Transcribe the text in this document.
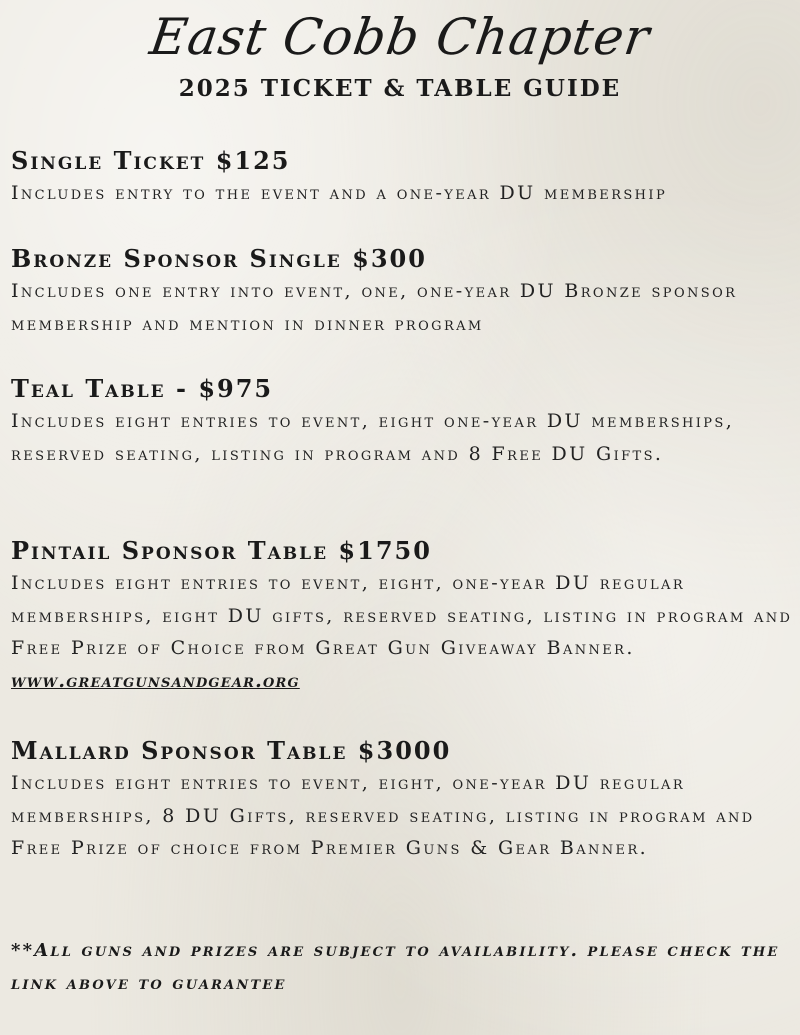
East Cobb Chapter
2025 TICKET & TABLE GUIDE
Single Ticket $125

Includes entry to the event and a one-year DU membership

Bronze Sponsor Single $300

Includes one entry into event, one, one-year DU Bronze sponsor membership and mention in dinner program

Teal Table - $975

Includes eight entries to event, eight one-year DU memberships, reserved seating, listing in program and 8 Free DU Gifts.

Pintail Sponsor Table $1750

Includes eight entries to event, eight, one-year DU regular memberships, eight DU gifts, reserved seating, listing in program and Free Prize of Choice from Great Gun Giveaway Banner. www.greatgunsandgear.org

Mallard Sponsor Table $3000

Includes eight entries to event, eight, one-year DU regular memberships, 8 DU Gifts, reserved seating, listing in program and Free Prize of choice from Premier Guns & Gear Banner.

**All guns and prizes are subject to availability. please check the link above to guarantee
